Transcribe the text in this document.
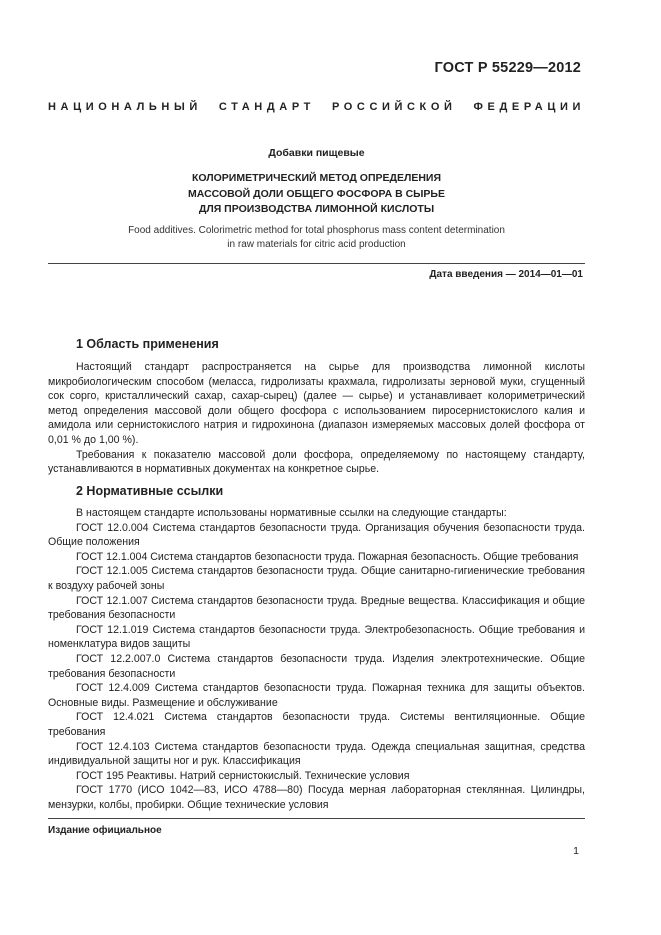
ГОСТ Р 55229—2012
НАЦИОНАЛЬНЫЙ СТАНДАРТ РОССИЙСКОЙ ФЕДЕРАЦИИ
Добавки пищевые
КОЛОРИМЕТРИЧЕСКИЙ МЕТОД ОПРЕДЕЛЕНИЯ
МАССОВОЙ ДОЛИ ОБЩЕГО ФОСФОРА В СЫРЬЕ
ДЛЯ ПРОИЗВОДСТВА ЛИМОННОЙ КИСЛОТЫ
Food additives. Colorimetric method for total phosphorus mass content determination
in raw materials for citric acid production
Дата введения — 2014—01—01
1 Область применения

Настоящий стандарт распространяется на сырье для производства лимонной кислоты микробиологическим способом (меласса, гидролизаты крахмала, гидролизаты зерновой муки, сгущенный сок сорго, кристаллический сахар, сахар-сырец) (далее — сырье) и устанавливает колориметрический метод определения массовой доли общего фосфора с использованием пиросернистокислого калия и амидола или сернистокислого натрия и гидрохинона (диапазон измеряемых массовых долей фосфора от 0,01 % до 1,00 %).

Требования к показателю массовой доли фосфора, определяемому по настоящему стандарту, устанавливаются в нормативных документах на конкретное сырье.

2 Нормативные ссылки

В настоящем стандарте использованы нормативные ссылки на следующие стандарты:

ГОСТ 12.0.004 Система стандартов безопасности труда. Организация обучения безопасности труда. Общие положения

ГОСТ 12.1.004 Система стандартов безопасности труда. Пожарная безопасность. Общие требования

ГОСТ 12.1.005 Система стандартов безопасности труда. Общие санитарно-гигиенические требования к воздуху рабочей зоны

ГОСТ 12.1.007 Система стандартов безопасности труда. Вредные вещества. Классификация и общие требования безопасности

ГОСТ 12.1.019 Система стандартов безопасности труда. Электробезопасность. Общие требования и номенклатура видов защиты

ГОСТ 12.2.007.0 Система стандартов безопасности труда. Изделия электротехнические. Общие требования безопасности

ГОСТ 12.4.009 Система стандартов безопасности труда. Пожарная техника для защиты объектов. Основные виды. Размещение и обслуживание

ГОСТ 12.4.021 Система стандартов безопасности труда. Системы вентиляционные. Общие требования

ГОСТ 12.4.103 Система стандартов безопасности труда. Одежда специальная защитная, средства индивидуальной защиты ног и рук. Классификация

ГОСТ 195 Реактивы. Натрий сернистокислый. Технические условия

ГОСТ 1770 (ИСО 1042—83, ИСО 4788—80) Посуда мерная лабораторная стеклянная. Цилиндры, мензурки, колбы, пробирки. Общие технические условия

Издание официальное
1
